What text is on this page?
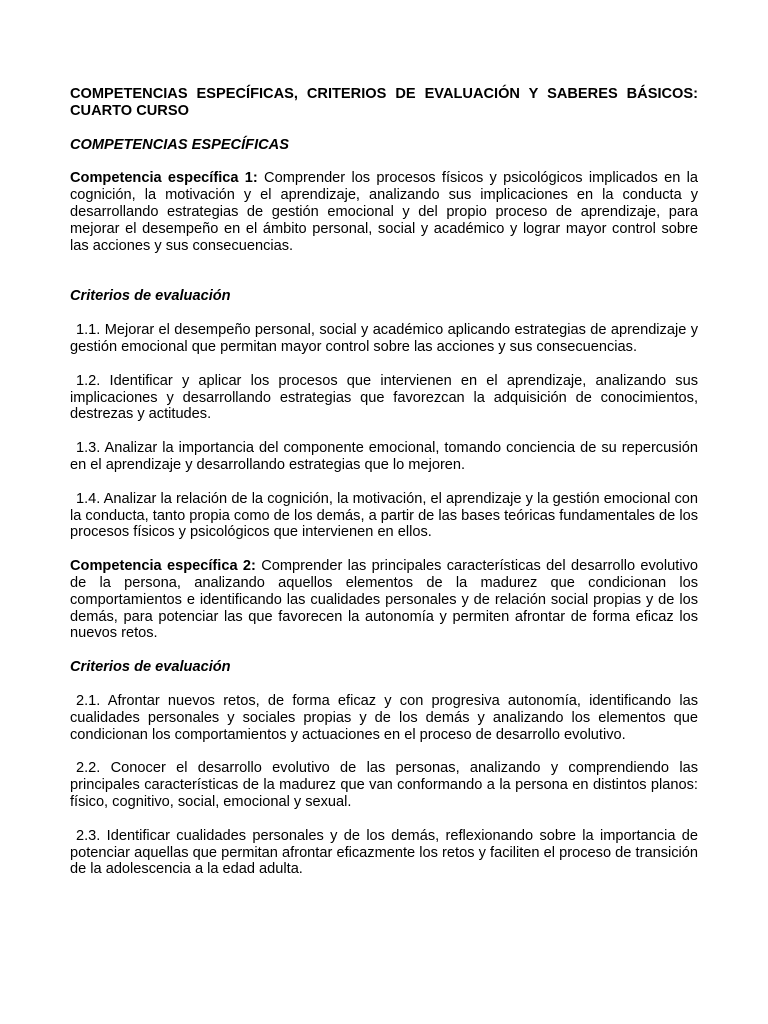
COMPETENCIAS ESPECÍFICAS, CRITERIOS DE EVALUACIÓN Y SABERES BÁSICOS: CUARTO CURSO

COMPETENCIAS ESPECÍFICAS

Competencia específica 1: Comprender los procesos físicos y psicológicos implicados en la cognición, la motivación y el aprendizaje, analizando sus implicaciones en la conducta y desarrollando estrategias de gestión emocional y del propio proceso de aprendizaje, para mejorar el desempeño en el ámbito personal, social y académico y lograr mayor control sobre las acciones y sus consecuencias.

Criterios de evaluación

1.1. Mejorar el desempeño personal, social y académico aplicando estrategias de aprendizaje y gestión emocional que permitan mayor control sobre las acciones y sus consecuencias.

1.2. Identificar y aplicar los procesos que intervienen en el aprendizaje, analizando sus implicaciones y desarrollando estrategias que favorezcan la adquisición de conocimientos, destrezas y actitudes.

1.3. Analizar la importancia del componente emocional, tomando conciencia de su repercusión en el aprendizaje y desarrollando estrategias que lo mejoren.

1.4. Analizar la relación de la cognición, la motivación, el aprendizaje y la gestión emocional con la conducta, tanto propia como de los demás, a partir de las bases teóricas fundamentales de los procesos físicos y psicológicos que intervienen en ellos.

Competencia específica 2: Comprender las principales características del desarrollo evolutivo de la persona, analizando aquellos elementos de la madurez que condicionan los comportamientos e identificando las cualidades personales y de relación social propias y de los demás, para potenciar las que favorecen la autonomía y permiten afrontar de forma eficaz los nuevos retos.

Criterios de evaluación

2.1. Afrontar nuevos retos, de forma eficaz y con progresiva autonomía, identificando las cualidades personales y sociales propias y de los demás y analizando los elementos que condicionan los comportamientos y actuaciones en el proceso de desarrollo evolutivo.

2.2. Conocer el desarrollo evolutivo de las personas, analizando y comprendiendo las principales características de la madurez que van conformando a la persona en distintos planos: físico, cognitivo, social, emocional y sexual.

2.3. Identificar cualidades personales y de los demás, reflexionando sobre la importancia de potenciar aquellas que permitan afrontar eficazmente los retos y faciliten el proceso de transición de la adolescencia a la edad adulta.
